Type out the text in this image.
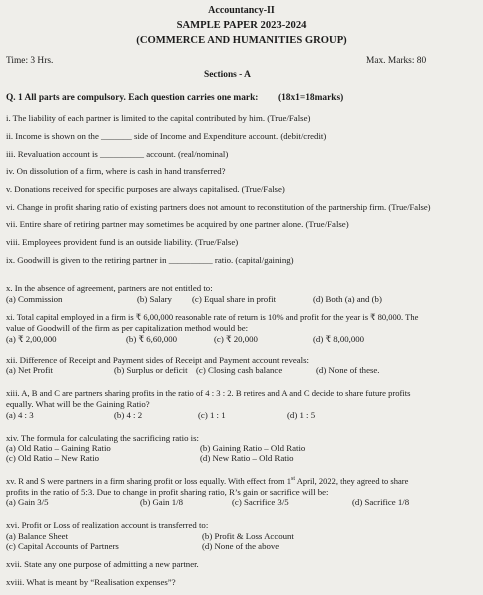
Accountancy-II
SAMPLE PAPER 2023-2024
(COMMERCE AND HUMANITIES GROUP)
Time: 3 Hrs.	Max. Marks: 80
Sections - A
Q. 1 All parts are compulsory. Each question carries one mark: (18x1=18marks)
i. The liability of each partner is limited to the capital contributed by him. (True/False)
ii. Income is shown on the _______ side of Income and Expenditure account. (debit/credit)
iii. Revaluation account is __________ account. (real/nominal)
iv. On dissolution of a firm, where is cash in hand transferred?
v. Donations received for specific purposes are always capitalised. (True/False)
vi. Change in profit sharing ratio of existing partners does not amount to reconstitution of the partnership firm. (True/False)
vii. Entire share of retiring partner may sometimes be acquired by one partner alone. (True/False)
viii. Employees provident fund is an outside liability. (True/False)
ix. Goodwill is given to the retiring partner in __________ ratio. (capital/gaining)
x. In the absence of agreement, partners are not entitled to:
(a) Commission	(b) Salary (c) Equal share in profit	(d) Both (a) and (b)
xi. Total capital employed in a firm is ₹ 6,00,000 reasonable rate of return is 10% and profit for the year is ₹ 80,000. The
value of Goodwill of the firm as per capitalization method would be:
(a) ₹ 2,00,000	(b) ₹ 6,60,000	(c) ₹ 20,000	(d) ₹ 8,00,000
xii. Difference of Receipt and Payment sides of Receipt and Payment account reveals:
(a) Net Profit	(b) Surplus or deficit (c) Closing cash balance	(d) None of these.
xiii. A, B and C are partners sharing profits in the ratio of 4 : 3 : 2. B retires and A and C decide to share future profits
equally. What will be the Gaining Ratio?
(a) 4 : 3	(b) 4 : 2	(c) 1 : 1	(d) 1 : 5
xiv. The formula for calculating the sacrificing ratio is:
(a) Old Ratio – Gaining Ratio	(b) Gaining Ratio – Old Ratio
(c) Old Ratio – New Ratio	(d) New Ratio – Old Ratio
xv. R and S were partners in a firm sharing profit or loss equally. With effect from 1st April, 2022, they agreed to share
profits in the ratio of 5:3. Due to change in profit sharing ratio, R’s gain or sacrifice will be:
(a) Gain 3/5	(b) Gain 1/8	(c) Sacrifice 3/5	(d) Sacrifice 1/8
xvi. Profit or Loss of realization account is transferred to:
(a) Balance Sheet	(b) Profit & Loss Account
(c) Capital Accounts of Partners	(d) None of the above
xvii. State any one purpose of admitting a new partner.
xviii. What is meant by “Realisation expenses”?
